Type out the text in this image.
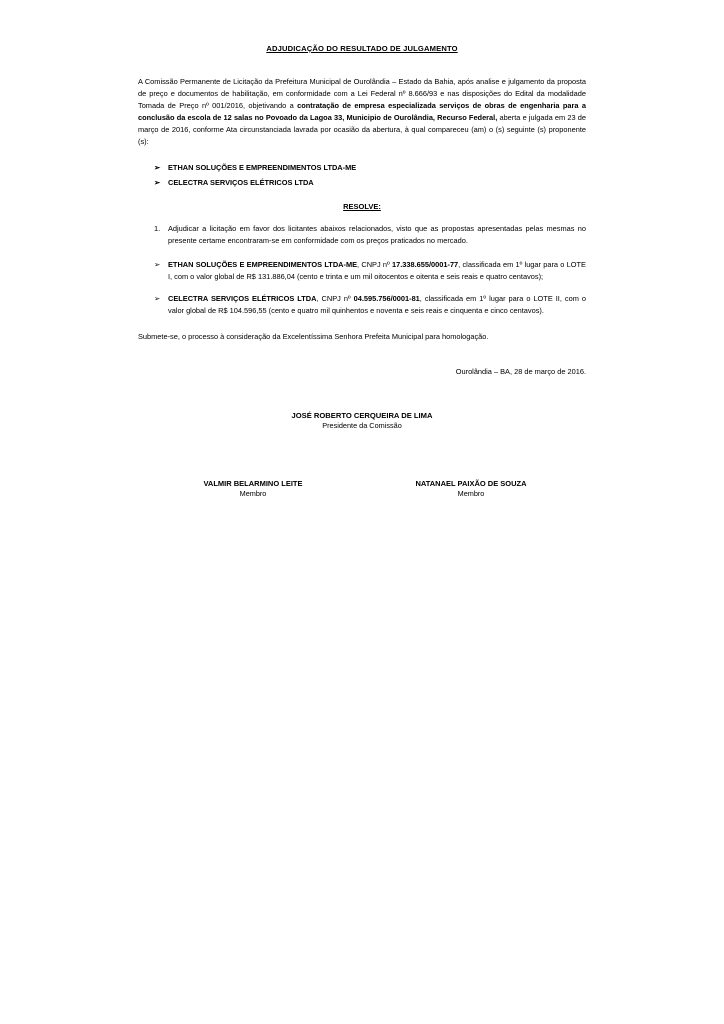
ADJUDICAÇÃO DO RESULTADO DE JULGAMENTO

A Comissão Permanente de Licitação da Prefeitura Municipal de Ourolândia – Estado da Bahia, após analise e julgamento da proposta de preço e documentos de habilitação, em conformidade com a Lei Federal nº 8.666/93 e nas disposições do Edital da modalidade Tomada de Preço nº 001/2016, objetivando a contratação de empresa especializada serviços de obras de engenharia para a conclusão da escola de 12 salas no Povoado da Lagoa 33, Municipio de Ourolândia, Recurso Federal, aberta e julgada em 23 de março de 2016, conforme Ata circunstanciada lavrada por ocasião da abertura, à qual compareceu (am) o (s) seguinte (s) proponente (s):

➢ ETHAN SOLUÇÕES E EMPREENDIMENTOS LTDA-ME
➢ CELECTRA SERVIÇOS ELÉTRICOS LTDA
RESOLVE:
Adjudicar a licitação em favor dos licitantes abaixos relacionados, visto que as propostas apresentadas pelas mesmas no presente certame encontraram-se em conformidade com os preços praticados no mercado.
➢ ETHAN SOLUÇÕES E EMPREENDIMENTOS LTDA-ME, CNPJ nº 17.338.655/0001-77, classificada em 1º lugar para o LOTE I, com o valor global de R$ 131.886,04 (cento e trinta e um mil oitocentos e oitenta e seis reais e quatro centavos);
➢ CELECTRA SERVIÇOS ELÉTRICOS LTDA, CNPJ nº 04.595.756/0001-81, classificada em 1º lugar para o LOTE II, com o valor global de R$ 104.596,55 (cento e quatro mil quinhentos e noventa e seis reais e cinquenta e cinco centavos).

Submete-se, o processo à consideração da Excelentíssima Senhora Prefeita Municipal para homologação.

Ourolândia – BA, 28 de março de 2016.

JOSÉ ROBERTO CERQUEIRA DE LIMA
Presidente da Comissão
VALMIR BELARMINO LEITE
Membro
NATANAEL PAIXÃO DE SOUZA
Membro
